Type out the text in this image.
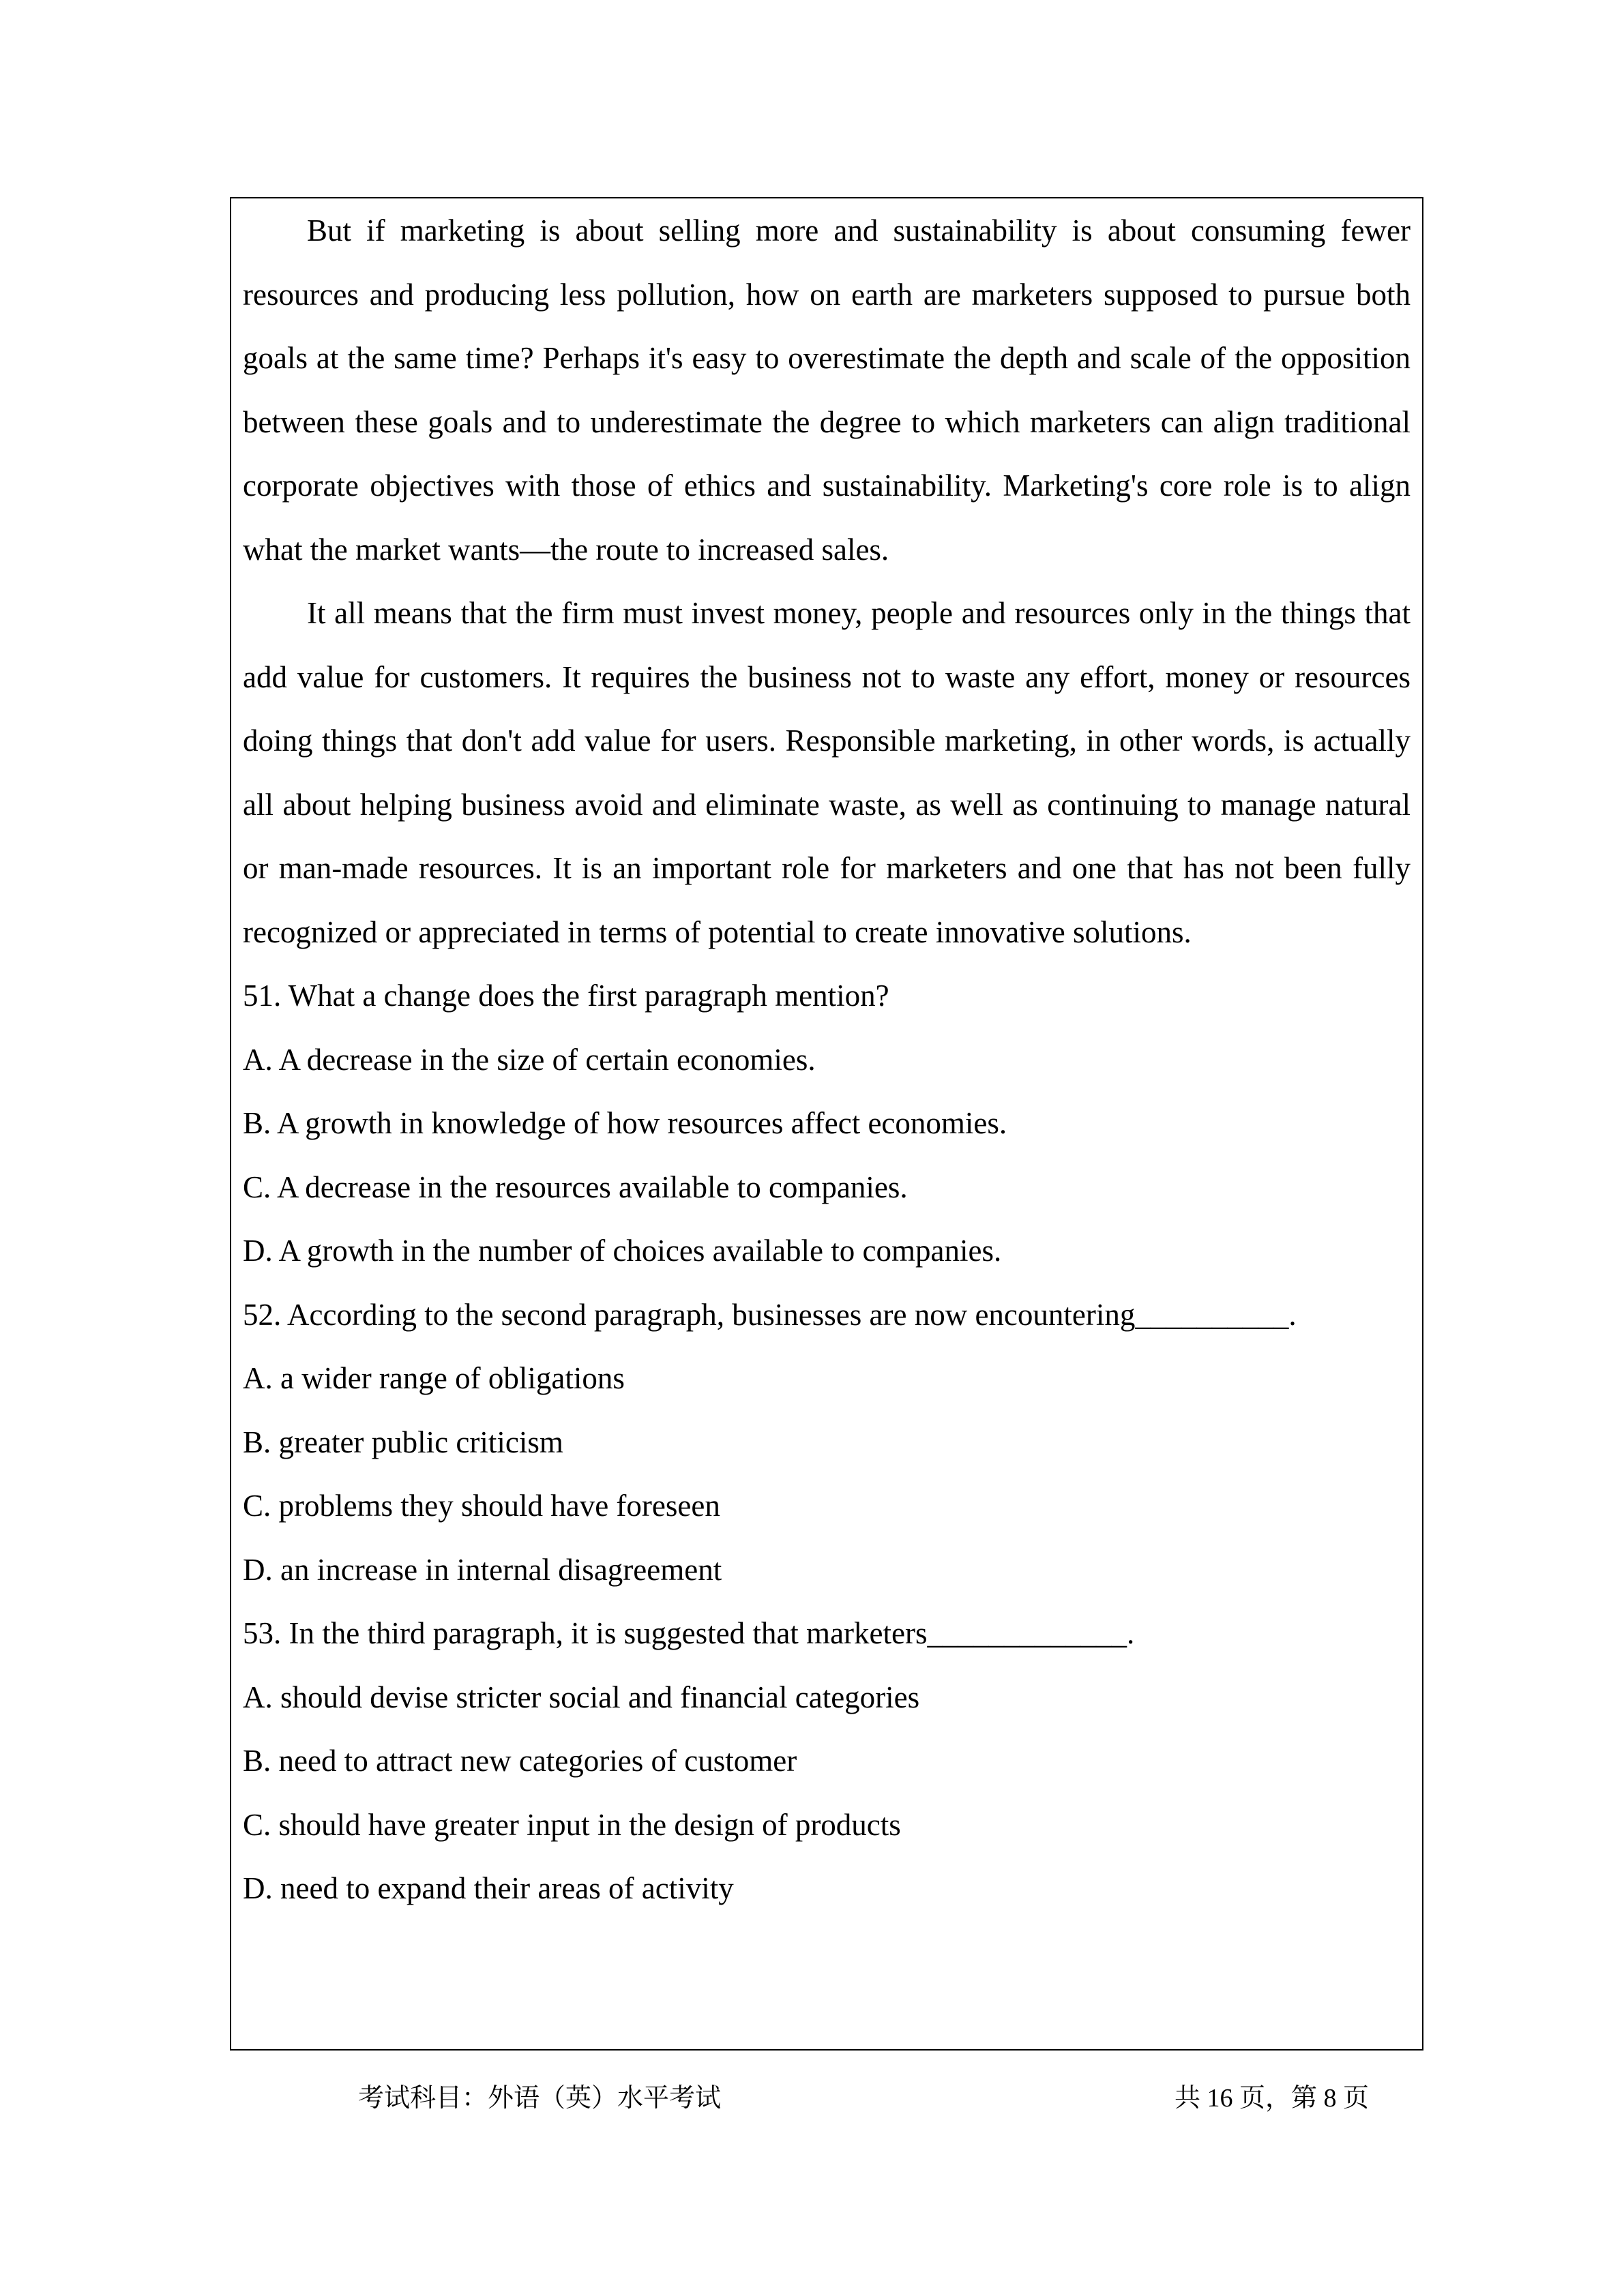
But if marketing is about selling more and sustainability is about consuming fewer resources and producing less pollution, how on earth are marketers supposed to pursue both goals at the same time? Perhaps it's easy to overestimate the depth and scale of the opposition between these goals and to underestimate the degree to which marketers can align traditional corporate objectives with those of ethics and sustainability. Marketing's core role is to align what the market wants—the route to increased sales.

It all means that the firm must invest money, people and resources only in the things that add value for customers. It requires the business not to waste any effort, money or resources doing things that don't add value for users. Responsible marketing, in other words, is actually all about helping business avoid and eliminate waste, as well as continuing to manage natural or man-made resources. It is an important role for marketers and one that has not been fully recognized or appreciated in terms of potential to create innovative solutions.

51. What a change does the first paragraph mention?

A. A decrease in the size of certain economies.

B. A growth in knowledge of how resources affect economies.

C. A decrease in the resources available to companies.

D. A growth in the number of choices available to companies.

52. According to the second paragraph, businesses are now encountering__________.

A. a wider range of obligations

B. greater public criticism

C. problems they should have foreseen

D. an increase in internal disagreement

53. In the third paragraph, it is suggested that marketers_____________.

A. should devise stricter social and financial categories

B. need to attract new categories of customer

C. should have greater input in the design of products

D. need to expand their areas of activity

考试科目：外语（英）水平考试	共 16 页，第 8 页
